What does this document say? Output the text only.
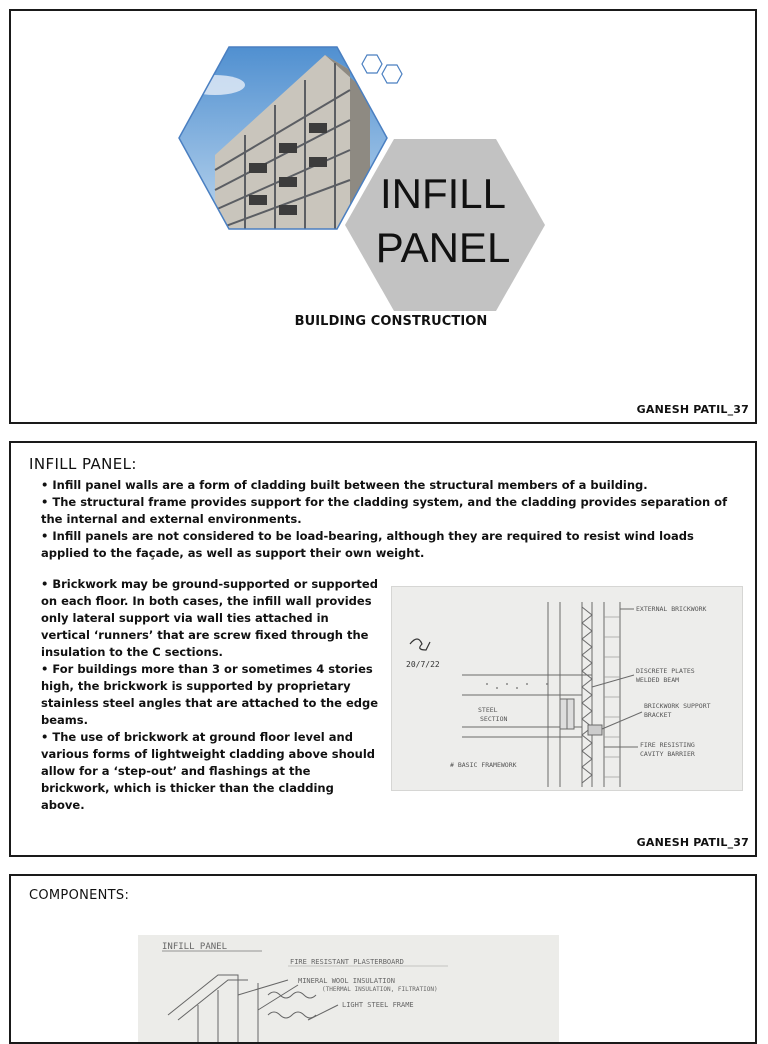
INFILL
PANEL
BUILDING CONSTRUCTION
GANESH PATIL_37
INFILL PANEL:

• Infill panel walls are a form of cladding built between the structural members of a building.

• The structural frame provides support for the cladding system, and the cladding provides separation of the internal and external environments.

• Infill panels are not considered to be load-bearing, although they are required to resist wind loads applied to the façade, as well as support their own weight.

• Brickwork may be ground-supported or supported on each floor. In both cases, the infill wall provides only lateral support via wall ties attached in vertical ‘runners’ that are screw fixed through the insulation to the C sections.

• For buildings more than 3 or sometimes 4 stories high, the brickwork is supported by proprietary stainless steel angles that are attached to the edge beams.

• The use of brickwork at ground floor level and various forms of lightweight cladding above should allow for a ‘step-out’ and flashings at the brickwork, which is thicker than the cladding above.

20/7/22
EXTERNAL BRICKWORK
DISCRETE PLATES
WELDED BEAM
BRICKWORK SUPPORT
BRACKET
FIRE RESISTING
CAVITY BARRIER
STEEL
SECTION
# BASIC FRAMEWORK
GANESH PATIL_37
COMPONENTS:
INFILL PANEL
FIRE RESISTANT PLASTERBOARD
MINERAL WOOL INSULATION
(THERMAL INSULATION, FILTRATION)
LIGHT STEEL FRAME
